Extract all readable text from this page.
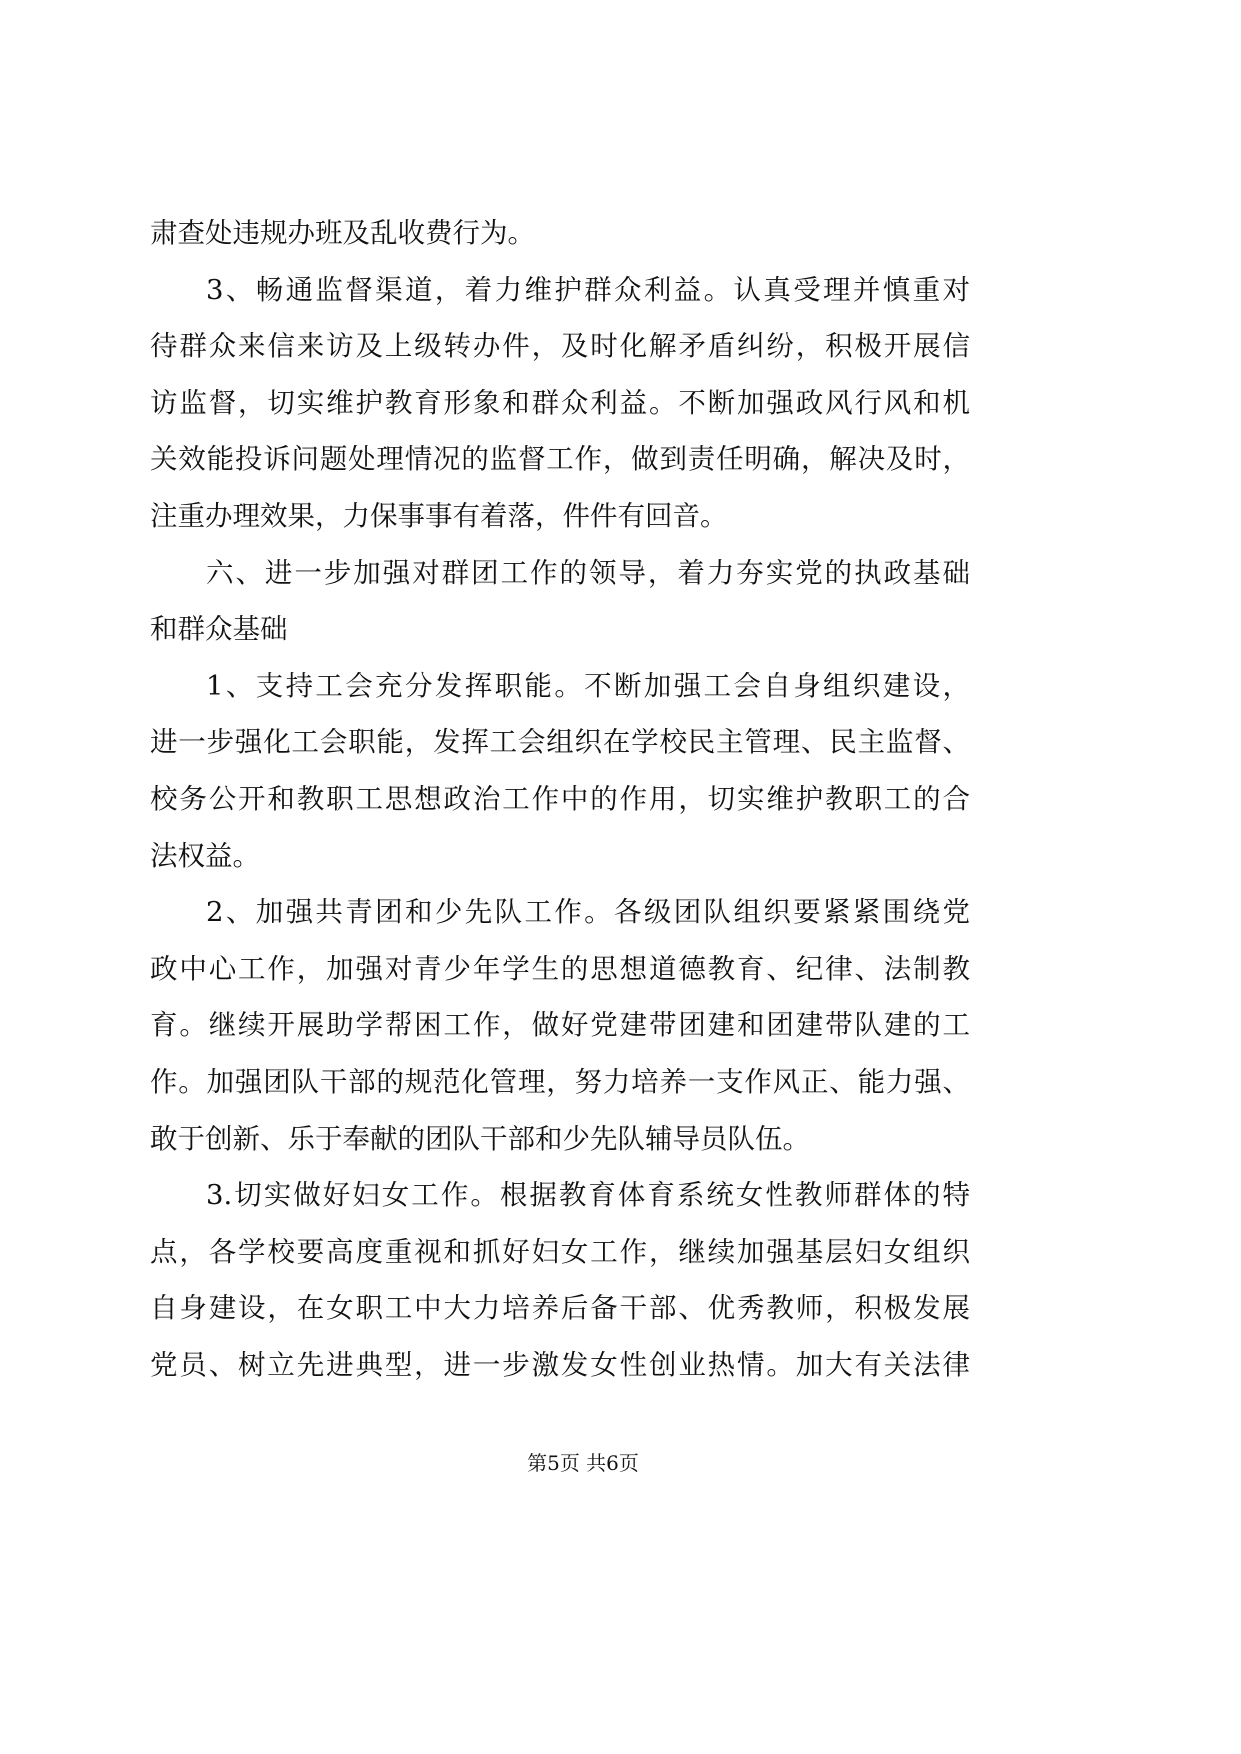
肃查处违规办班及乱收费行为。
3、畅通监督渠道，着力维护群众利益。认真受理并慎重对
待群众来信来访及上级转办件，及时化解矛盾纠纷，积极开展信
访监督，切实维护教育形象和群众利益。不断加强政风行风和机
关效能投诉问题处理情况的监督工作，做到责任明确，解决及时，
注重办理效果，力保事事有着落，件件有回音。
六、进一步加强对群团工作的领导，着力夯实党的执政基础
和群众基础
1、支持工会充分发挥职能。不断加强工会自身组织建设，
进一步强化工会职能，发挥工会组织在学校民主管理、民主监督、
校务公开和教职工思想政治工作中的作用，切实维护教职工的合
法权益。
2、加强共青团和少先队工作。各级团队组织要紧紧围绕党
政中心工作，加强对青少年学生的思想道德教育、纪律、法制教
育。继续开展助学帮困工作，做好党建带团建和团建带队建的工
作。加强团队干部的规范化管理，努力培养一支作风正、能力强、
敢于创新、乐于奉献的团队干部和少先队辅导员队伍。
3.切实做好妇女工作。根据教育体育系统女性教师群体的特
点，各学校要高度重视和抓好妇女工作，继续加强基层妇女组织
自身建设，在女职工中大力培养后备干部、优秀教师，积极发展
党员、树立先进典型，进一步激发女性创业热情。加大有关法律
第5页 共6页
